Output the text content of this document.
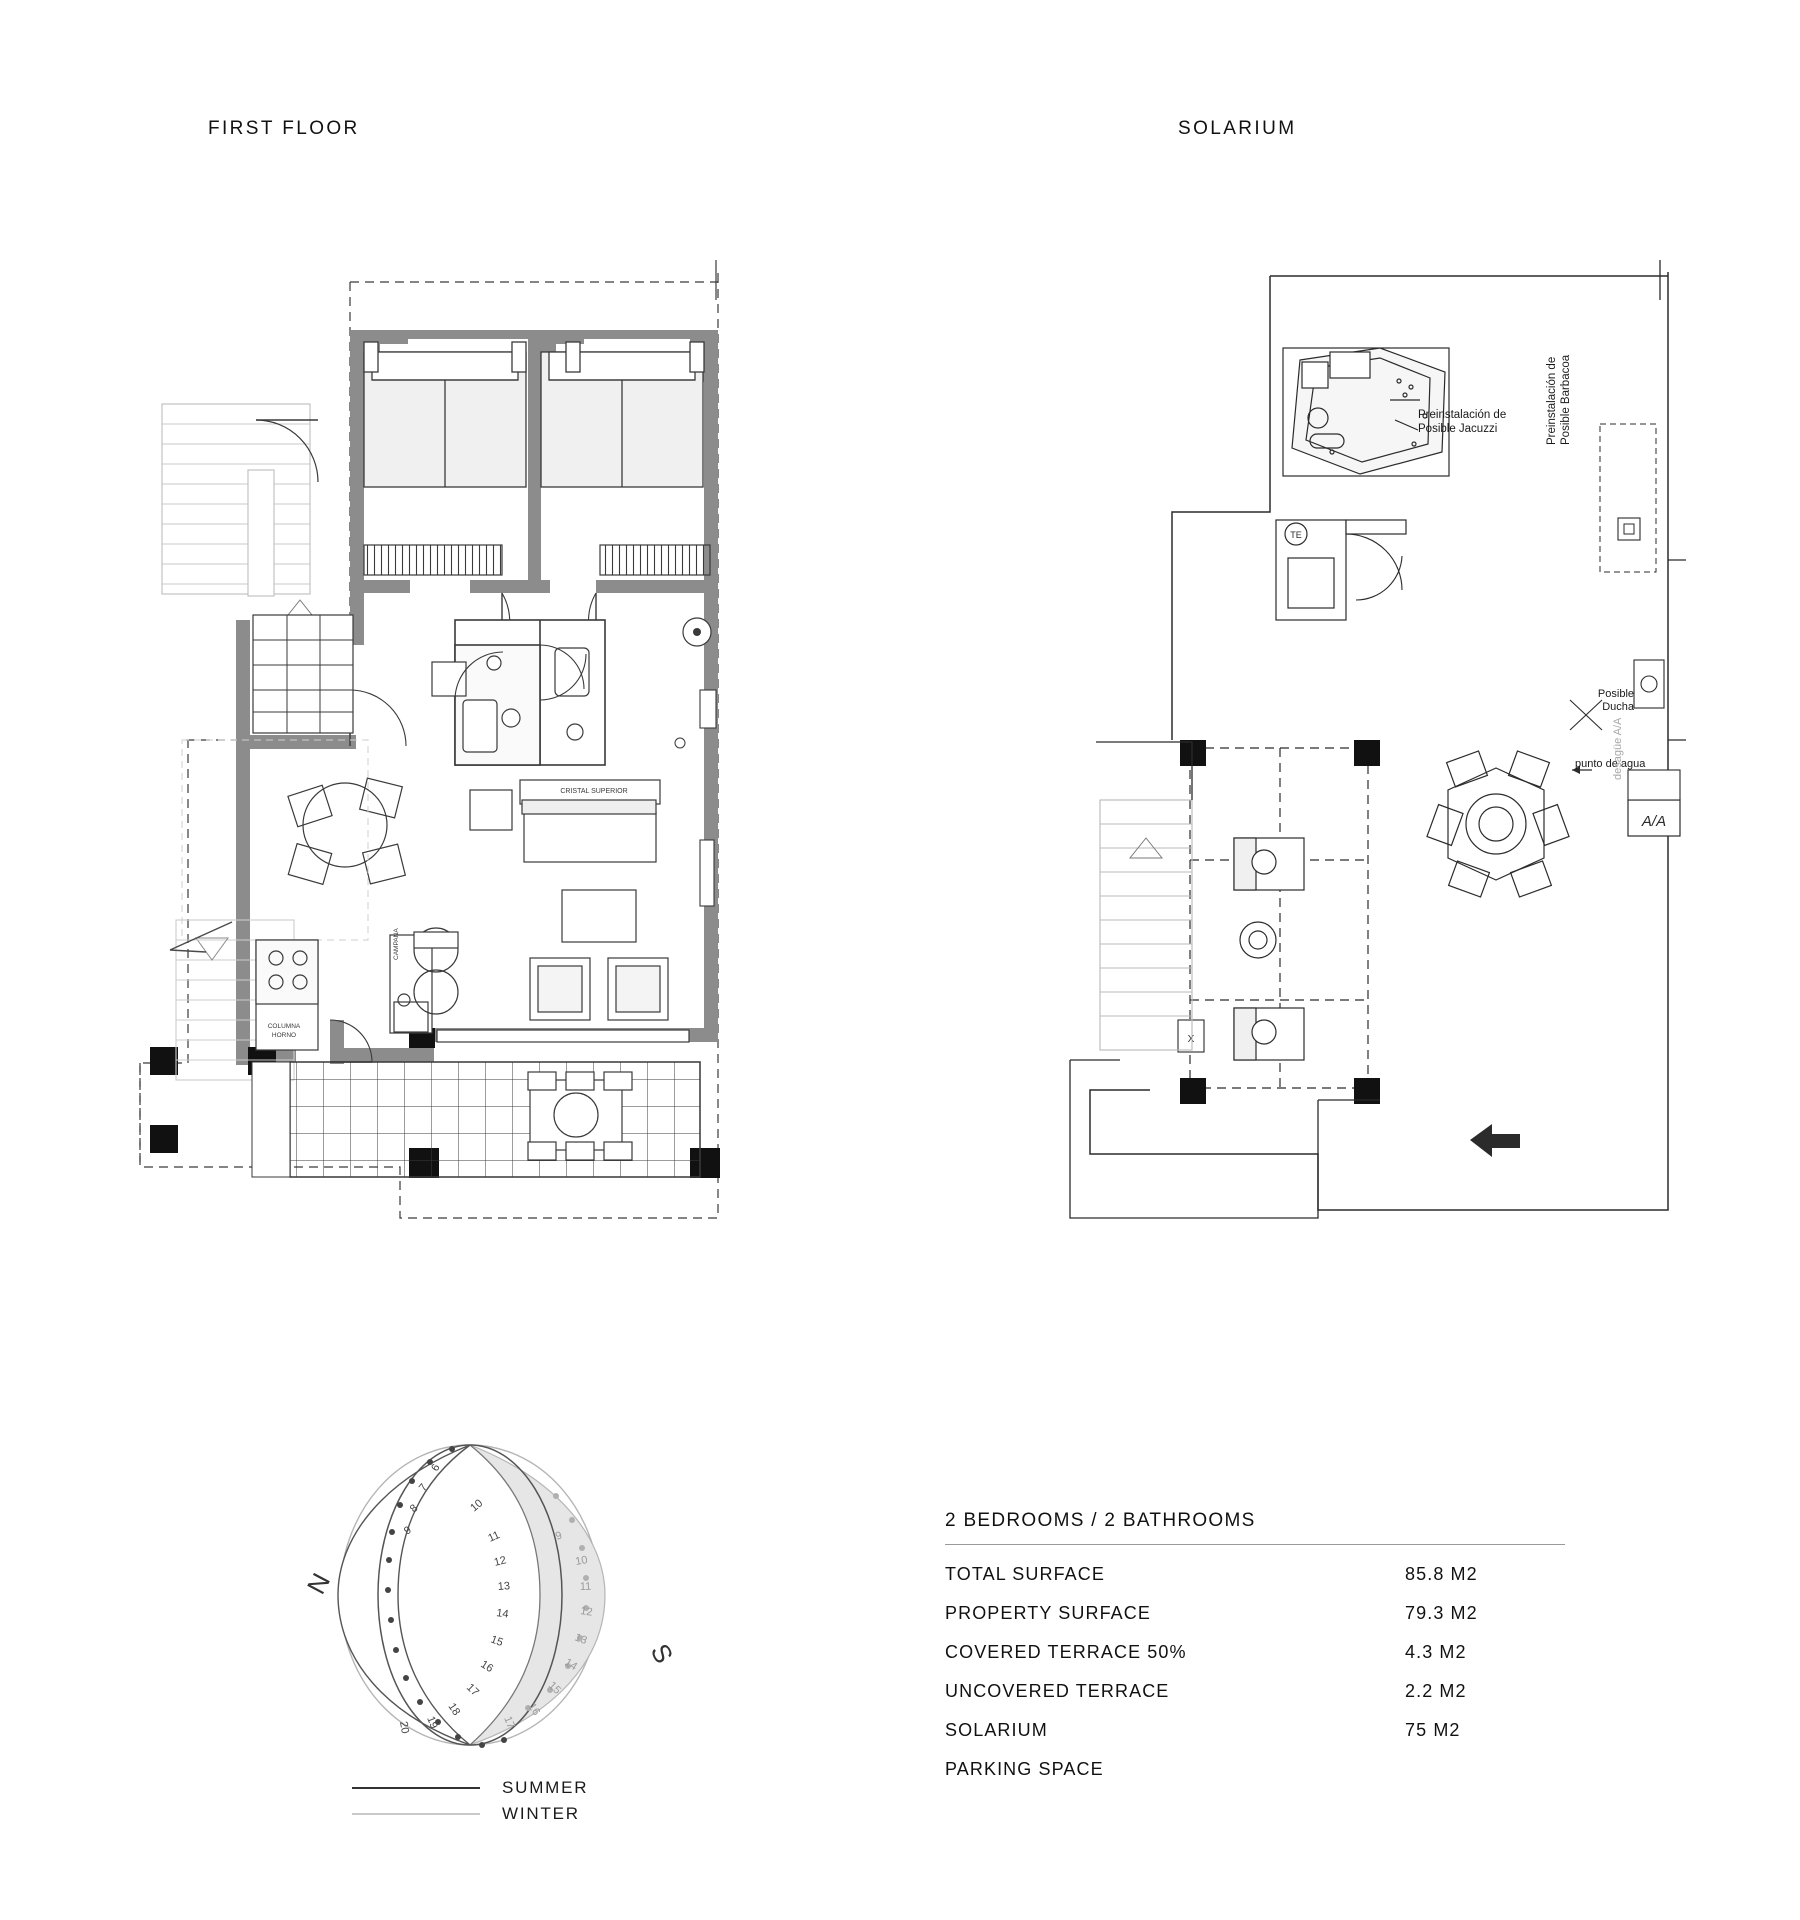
FIRST FLOOR	SOLARIUM
CRISTAL SUPERIOR
CAMPANA
COLUMNA
HORNO
TE
A/A
X
6
7
8
9
10
11
12
13
14
15
16
17
18
19
20
10
11
12
13
14
15
16
17
9
N
S
Preinstalación de
Posible Jacuzzi	Preinstalación de Posible Barbacoa
Posible
Ducha
punto de agua
desagüe A/A
2 BEDROOMS / 2 BATHROOMS
TOTAL SURFACE	85.8 M2
PROPERTY SURFACE	79.3 M2
COVERED TERRACE 50%	4.3 M2
UNCOVERED TERRACE	2.2 M2
SOLARIUM	75 M2
PARKING SPACE
SUMMER
WINTER
